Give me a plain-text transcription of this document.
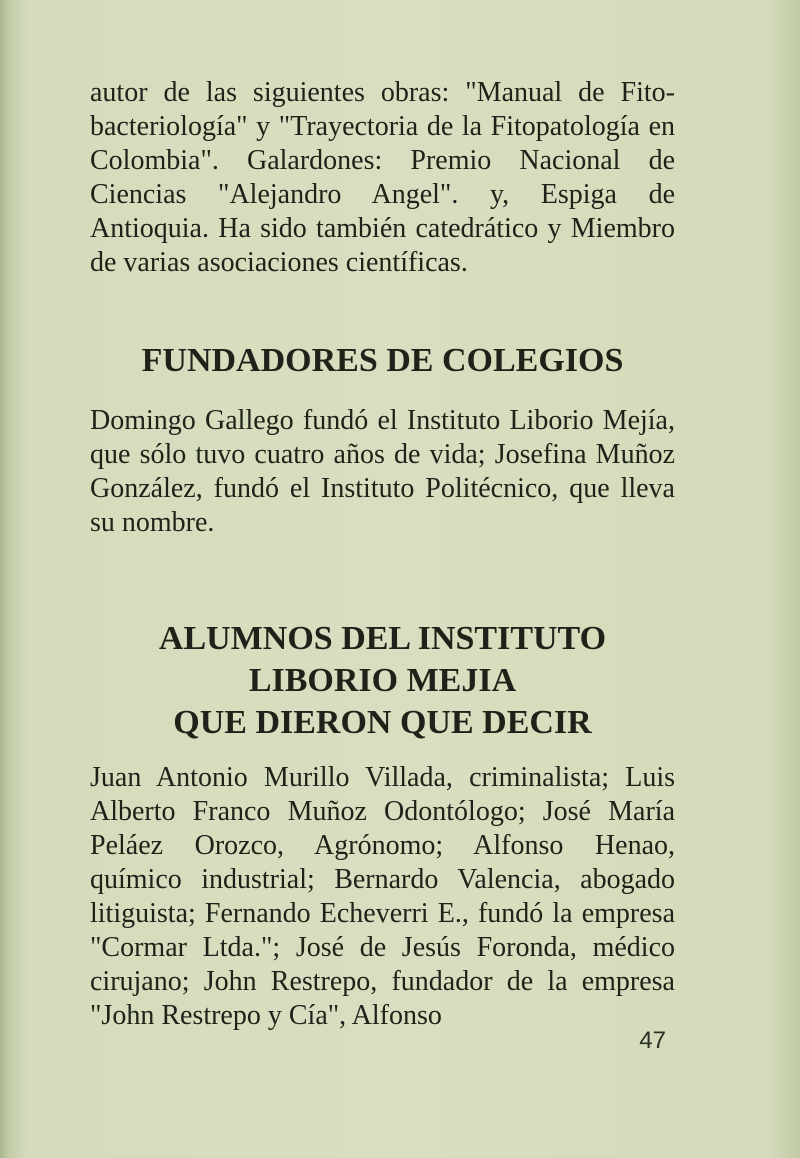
autor de las siguientes obras: "Manual de Fito-bacteriología" y "Trayectoria de la Fitopatología en Colombia". Galardones: Premio Nacional de Ciencias "Alejandro Angel". y, Espiga de Antioquia. Ha sido también catedrático y Miembro de varias asociaciones científicas.

FUNDADORES DE COLEGIOS

Domingo Gallego fundó el Instituto Liborio Mejía, que sólo tuvo cuatro años de vida; Josefina Muñoz González, fundó el Instituto Politécnico, que lleva su nombre.

ALUMNOS DEL INSTITUTO
LIBORIO MEJIA
QUE DIERON QUE DECIR

Juan Antonio Murillo Villada, criminalista; Luis Alberto Franco Muñoz Odontólogo; José María Peláez Orozco, Agrónomo; Alfonso Henao, químico industrial; Bernardo Valencia, abogado litiguista; Fernando Echeverri E., fundó la empresa "Cormar Ltda."; José de Jesús Foronda, médico cirujano; John Restrepo, fundador de la empresa "John Restrepo y Cía", Alfonso

47
